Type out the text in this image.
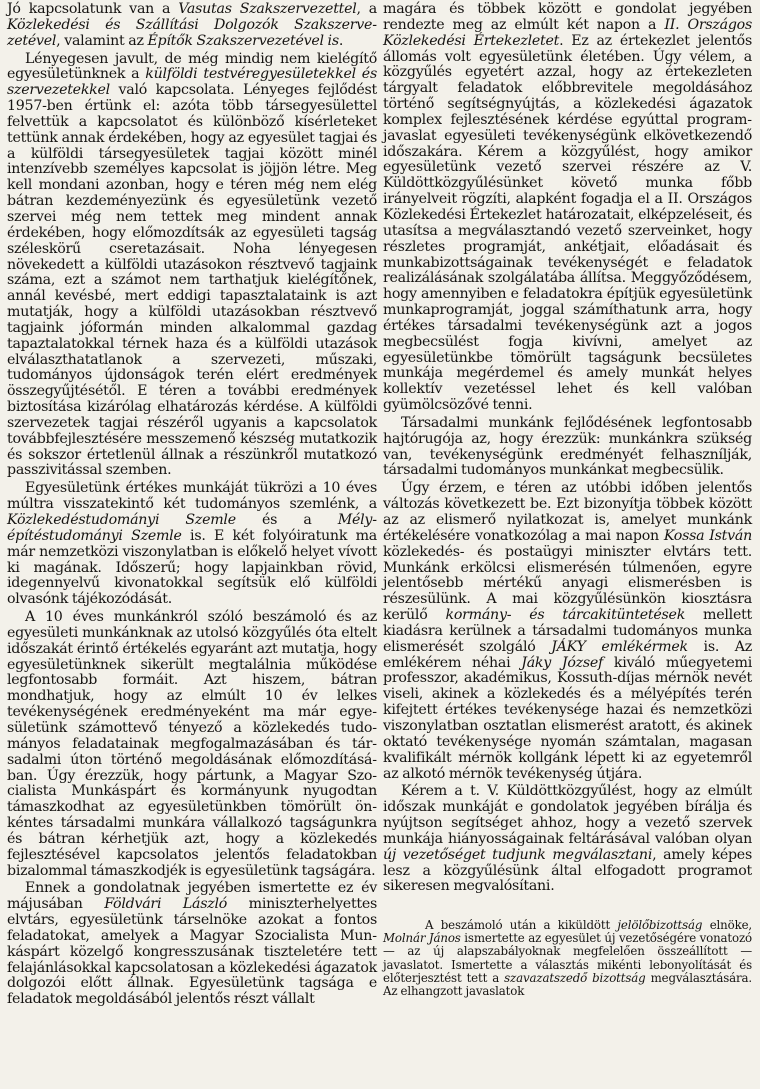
Jó kapcsolatunk van a Vasutas Szakszervezettel, a Közlekedési és Szállítási Dolgozók Szakszervezetével, valamint az Építők Szakszervezetével is.

Lényegesen javult, de még mindig nem kielégítő egyesületünknek a külföldi testvéregyesületekkel és szervezetekkel való kapcsolata. Lényeges fejlődést 1957-ben értünk el: azóta több társegyesülettel felvettük a kapcsolatot és különböző kísérleteket tettünk annak érdekében, hogy az egyesület tagjai és a külföldi társegyesületek tagjai között minél intenzívebb személyes kapcsolat is jöjjön létre. Meg kell mondani azonban, hogy e téren még nem elég bátran kezdeményezünk és egyesületünk vezető szervei még nem tettek meg mindent annak érdekében, hogy előmozdítsák az egyesületi tagság széleskörű cseretazásait. Noha lényegesen növekedett a külföldi utazásokon résztvevő tagjaink száma, ezt a számot nem tarthatjuk kielégítőnek, annál kevésbé, mert eddigi tapasztalataink is azt mutatják, hogy a külföldi utazásokban résztvevő tagjaink jóformán minden alkalommal gazdag tapaztalatokkal térnek haza és a külföldi utazások elválaszthatatlanok a szervezeti, műszaki, tudományos újdonságok terén elért eredmények összegyűjtésétől. E téren a további eredmények biztosítása kizárólag elhatározás kérdése. A külföldi szervezetek tagjai részéről ugyanis a kapcsolatok továbbfejlesztésére messzemenő készség mutatkozik és sokszor értetlenül állnak a részünkről mutatkozó passzivitással szemben.

Egyesületünk értékes munkáját tükrözi a 10 éves múltra visszatekintő két tudományos szemlénk, a Közlekedéstudományi Szemle és a Mélyépítéstudományi Szemle is. E két folyóiratunk ma már nemzetközi viszonylatban is előkelő helyet vívott ki magának. Időszerű; hogy lapjainkban rövid, idegennyelvű kivonatokkal segítsük elő külföldi olvasónk tájékozódását.

A 10 éves munkánkról szóló beszámoló és az egyesületi munkánknak az utolsó közgyűlés óta eltelt időszakát érintő értékelés egyaránt azt mutatja, hogy egyesületünknek sikerült megtalálnia működése legfontosabb formáit. Azt hiszem, bátran mondhatjuk, hogy az elmúlt 10 év lelkes tevékenységének eredményeként ma már egyesületünk számottevő tényező a közlekedés tudományos feladatainak megfogalmazásában és társadalmi úton történő megoldásának előmozdításában. Úgy érezzük, hogy pártunk, a Magyar Szocialista Munkáspárt és kormányunk nyugodtan támaszkodhat az egyesületünkben tömörült önkéntes társadalmi munkára vállalkozó tagságunkra és bátran kérhetjük azt, hogy a közlekedés fejlesztésével kapcsolatos jelentős feladatokban bizalommal támaszkodjék is egyesületünk tagságára.

Ennek a gondolatnak jegyében ismertette ez év májusában Földvári László miniszterhelyettes elvtárs, egyesületünk társelnöke azokat a fontos feladatokat, amelyek a Magyar Szocialista Munkáspárt közelgő kongresszusának tiszteletére tett felajánlásokkal kapcsolatosan a közlekedési ágazatok dolgozói előtt állnak. Egyesületünk tagsága e feladatok megoldásából jelentős részt vállalt

magára és többek között e gondolat jegyében rendezte meg az elmúlt két napon a II. Országos Közlekedési Értekezletet. Ez az értekezlet jelentős állomás volt egyesületünk életében. Úgy vélem, a közgyűlés egyetért azzal, hogy az értekezleten tárgyalt feladatok előbbrevitele megoldásához történő segítségnyújtás, a közlekedési ágazatok komplex fejlesztésének kérdése egyúttal programjavaslat egyesületi tevékenységünk elkövetkezendő időszakára. Kérem a közgyűlést, hogy amikor egyesületünk vezető szervei részére az V. Küldöttközgyűlésünket követő munka főbb irányelveit rögzíti, alapként fogadja el a II. Országos Közlekedési Értekezlet határozatait, elképzeléseit, és utasítsa a megválasztandó vezető szerveinket, hogy részletes programját, ankétjait, előadásait és munkabizottságainak tevékenységét e feladatok realizálásának szolgálatába állítsa. Meggyőződésem, hogy amennyiben e feladatokra építjük egyesületünk munkaprogramját, joggal számíthatunk arra, hogy értékes társadalmi tevékenységünk azt a jogos megbecsülést fogja kivívni, amelyet az egyesületünkbe tömörült tagságunk becsületes munkája megérdemel és amely munkát helyes kollektív vezetéssel lehet és kell valóban gyümölcsözővé tenni.

Társadalmi munkánk fejlődésének legfontosabb hajtórugója az, hogy érezzük: munkánkra szükség van, tevékenységünk eredményét felhasznílják, társadalmi tudományos munkánkat megbecsülik.

Úgy érzem, e téren az utóbbi időben jelentős változás következett be. Ezt bizonyítja többek között az az elismerő nyilatkozat is, amelyet munkánk értékelésére vonatkozólag a mai napon Kossa István közlekedés- és postaügyi miniszter elvtárs tett. Munkánk erkölcsi elismerésén túlmenően, egyre jelentősebb mértékű anyagi elismerésben is részesülünk. A mai közgyűlésünkön kiosztásra kerülő kormány- és tárcakitüntetések mellett kiadásra kerülnek a társadalmi tudományos munka elismerését szolgáló JÁKY emlékérmek is. Az emlékérem néhai Jáky József kiváló műegyetemi professzor, akadémikus, Kossuth-díjas mérnök nevét viseli, akinek a közlekedés és a mélyépítés terén kifejtett értékes tevékenysége hazai és nemzetközi viszonylatban osztatlan elismerést aratott, és akinek oktató tevékenysége nyomán számtalan, magasan kvalifikált mérnök kollgánk lépett ki az egyetemről az alkotó mérnök tevékenység útjára.

Kérem a t. V. Küldöttközgyűlést, hogy az elmúlt időszak munkáját e gondolatok jegyében bírálja és nyújtson segítséget ahhoz, hogy a vezető szervek munkája hiányosságainak feltárásával valóban olyan új vezetőséget tudjunk megválasztani, amely képes lesz a közgyűlésünk által elfogadott programot sikeresen megvalósítani.

A beszámoló után a kiküldött jelölőbizottság elnöke, Molnár János ismertette az egyesület új vezetőségére vonatozó — az új alapszabályoknak megfelelően összeállított — javaslatot. Ismertette a választás mikénti lebonyolítását és előterjesztést tett a szavazatszedő bizottság megválasztására. Az elhangzott javaslatok
